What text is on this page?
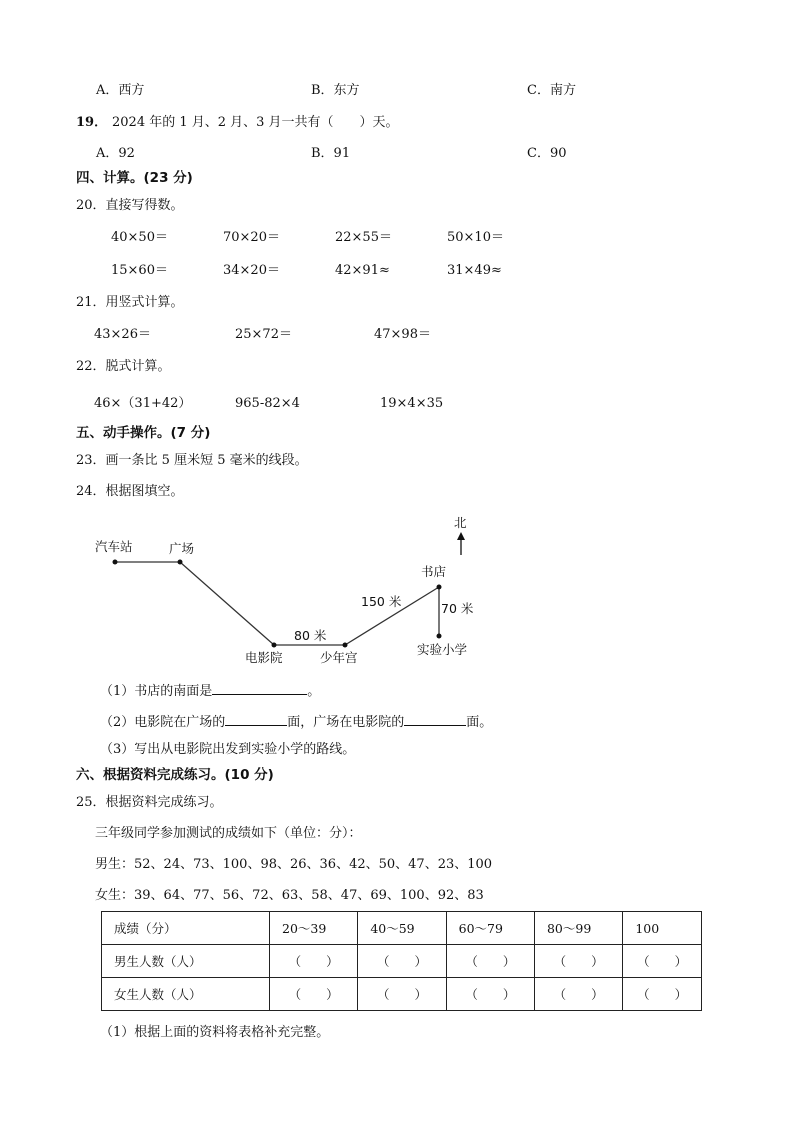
A．西方	B．东方	C．南方
19． 2024 年的 1 月、2 月、3 月一共有（　　）天。
A．92	B．91	C．90
四、计算。(23 分)
20．直接写得数。
40×50＝	70×20＝	22×55＝	50×10＝
15×60＝	34×20＝	42×91≈	31×49≈
21．用竖式计算。
43×26＝	25×72＝	47×98＝
22．脱式计算。
46×（31+42）	965-82×4	19×4×35
五、动手操作。(7 分)
23．画一条比 5 厘米短 5 毫米的线段。
24．根据图填空。
北
汽车站	广场
电影院	少年宫
书店
实验小学
80 米
150 米	70 米
（1）书店的南面是	。
（2）电影院在广场的	面，广场在电影院的	面。
（3）写出从电影院出发到实验小学的路线。
六、根据资料完成练习。(10 分)
25．根据资料完成练习。
三年级同学参加测试的成绩如下（单位：分）：
男生：52、24、73、100、98、26、36、42、50、47、23、100
女生：39、64、77、56、72、63、58、47、69、100、92、83
成绩（分）	20～39	40～59	60～79	80～99	100
男生人数（人）	（　　）	（　　）	（　　）	（　　）	（　　）
女生人数（人）	（　　）	（　　）	（　　）	（　　）	（　　）
（1）根据上面的资料将表格补充完整。
